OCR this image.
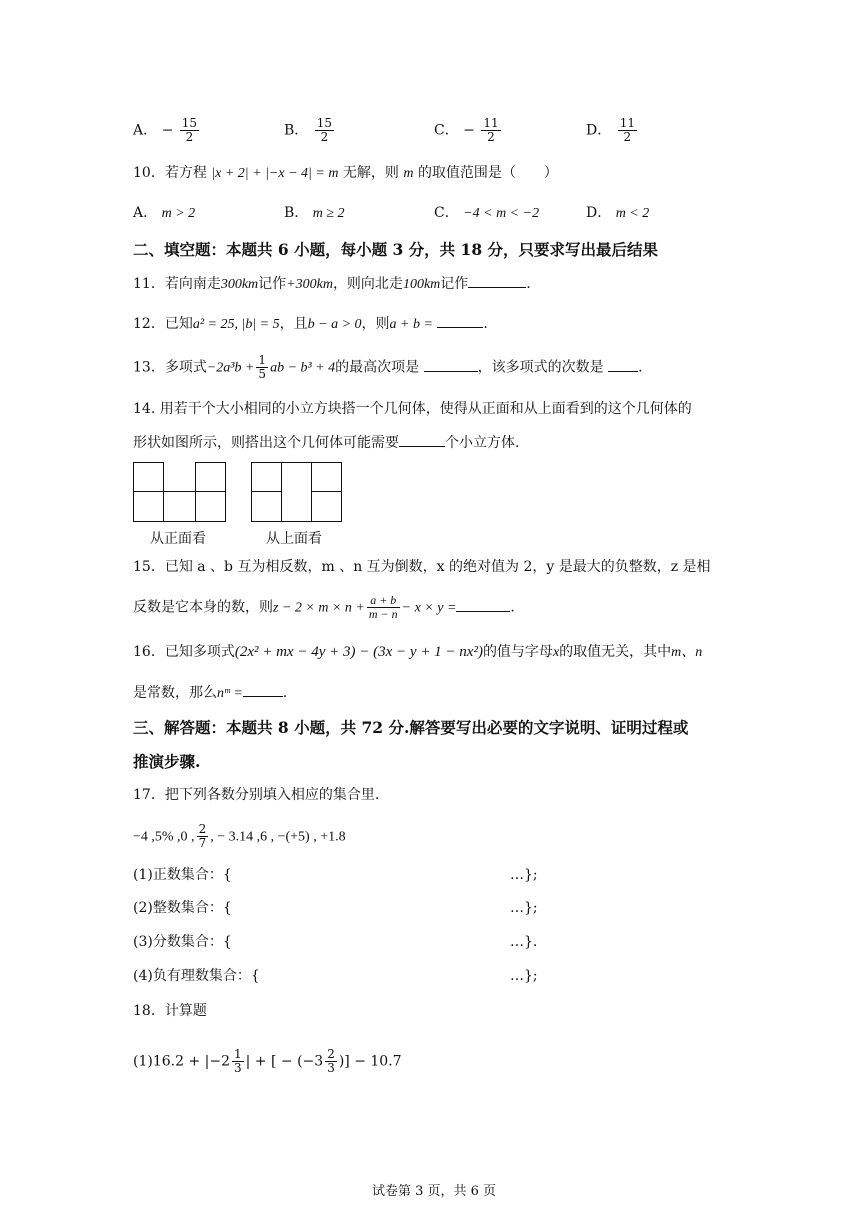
A． − $\frac{15}{2}$	B． $\frac{15}{2}$	C． − $\frac{11}{2}$	D． $\frac{11}{2}$
10．若方程 |x + 2| + |−x − 4| = m 无解，则 m 的取值范围是（　　）
A． m > 2	B． m ≥ 2	C． −4 < m < −2	D． m < 2
二、填空题：本题共 6 小题，每小题 3 分，共 18 分，只要求写出最后结果
11．若向南走300km记作+300km，则向北走100km记作	.
12．已知a² = 25, |b| = 5，且b − a > 0，则a + b =	.
13．多项式$-2a^3b + \frac{1}{5}$ ab − b³ + 4的最高次项是	，该多项式的次数是 .
14. 用若干个大小相同的小立方块搭一个几何体，使得从正面和从上面看到的这个几何体的
形状如图所示，则搭出这个几何体可能需要	个小立方体.
从正面看	从上面看
15．已知 a 、b 互为相反数，m 、n 互为倒数，x 的绝对值为 2，y 是最大的负整数，z 是相
反数是它本身的数，则$z - 2 \times m \times n + \frac{a + b}{m - n} - x \times y$ =	.
16．已知多项式(2x² + mx − 4y + 3) − (3x − y + 1 − nx²)的值与字母x的取值无关，其中m、n
是常数，那么nᵐ =	.
三、解答题：本题共 8 小题，共 72 分.解答要写出必要的文字说明、证明过程或
推演步骤.
17．把下列各数分别填入相应的集合里.
−4 ,5% ,0 , $\frac{2}{7}$ , − 3.14 ,6 , −(+5) , +1.8
(1)正数集合：{	…};
(2)整数集合：{	…};
(3)分数集合：{	…}.
(4)负有理数集合：{	…};
18．计算题
$(1)16.2 + |-2 \frac{1}{3}$ | + [ − ($-3 \frac{2}{3}$ )] − 10.7
试卷第 3 页，共 6 页
